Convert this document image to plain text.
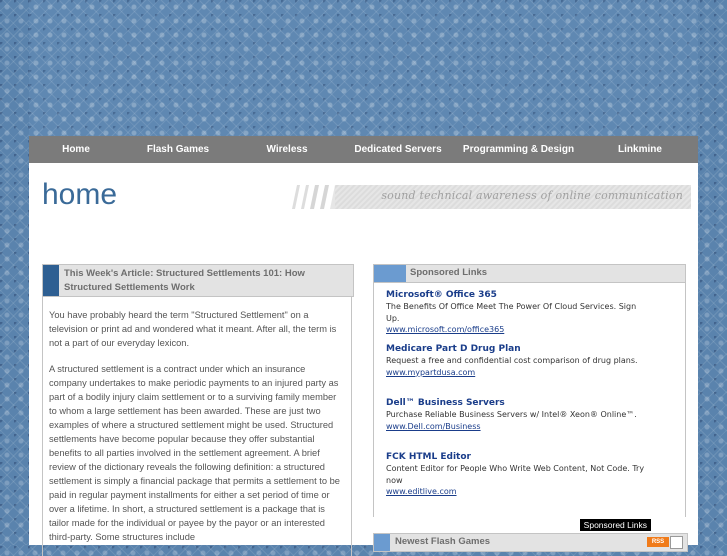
Home	Flash Games	Wireless	Dedicated Servers	Programming & Design	Linkmine
home	sound technical awareness of online communication
This Week's Article: Structured Settlements 101: How Structured Settlements Work

You have probably heard the term "Structured Settlement" on a television or print ad and wondered what it meant. After all, the term is not a part of our everyday lexicon.

A structured settlement is a contract under which an insurance company undertakes to make periodic payments to an injured party as part of a bodily injury claim settlement or to a surviving family member to whom a large settlement has been awarded. These are just two examples of where a structured settlement might be used. Structured settlements have become popular because they offer substantial benefits to all parties involved in the settlement agreement. A brief review of the dictionary reveals the following definition: a structured settlement is simply a financial package that permits a settlement to be paid in regular payment installments for either a set period of time or over a lifetime. In short, a structured settlement is a package that is tailor made for the individual or payee by the payor or an interested third-party. Some structures include

Sponsored Links
Microsoft® Office 365
The Benefits Of Office Meet The Power Of Cloud Services. Sign Up.
www.microsoft.com/office365
Medicare Part D Drug Plan
Request a free and confidential cost comparison of drug plans.
www.mypartdusa.com
Dell™ Business Servers
Purchase Reliable Business Servers w/ Intel® Xeon® Online™.
www.Dell.com/Business
FCK HTML Editor
Content Editor for People Who Write Web Content, Not Code. Try now
www.editlive.com
Sponsored Links
Newest Flash Games	RSS
